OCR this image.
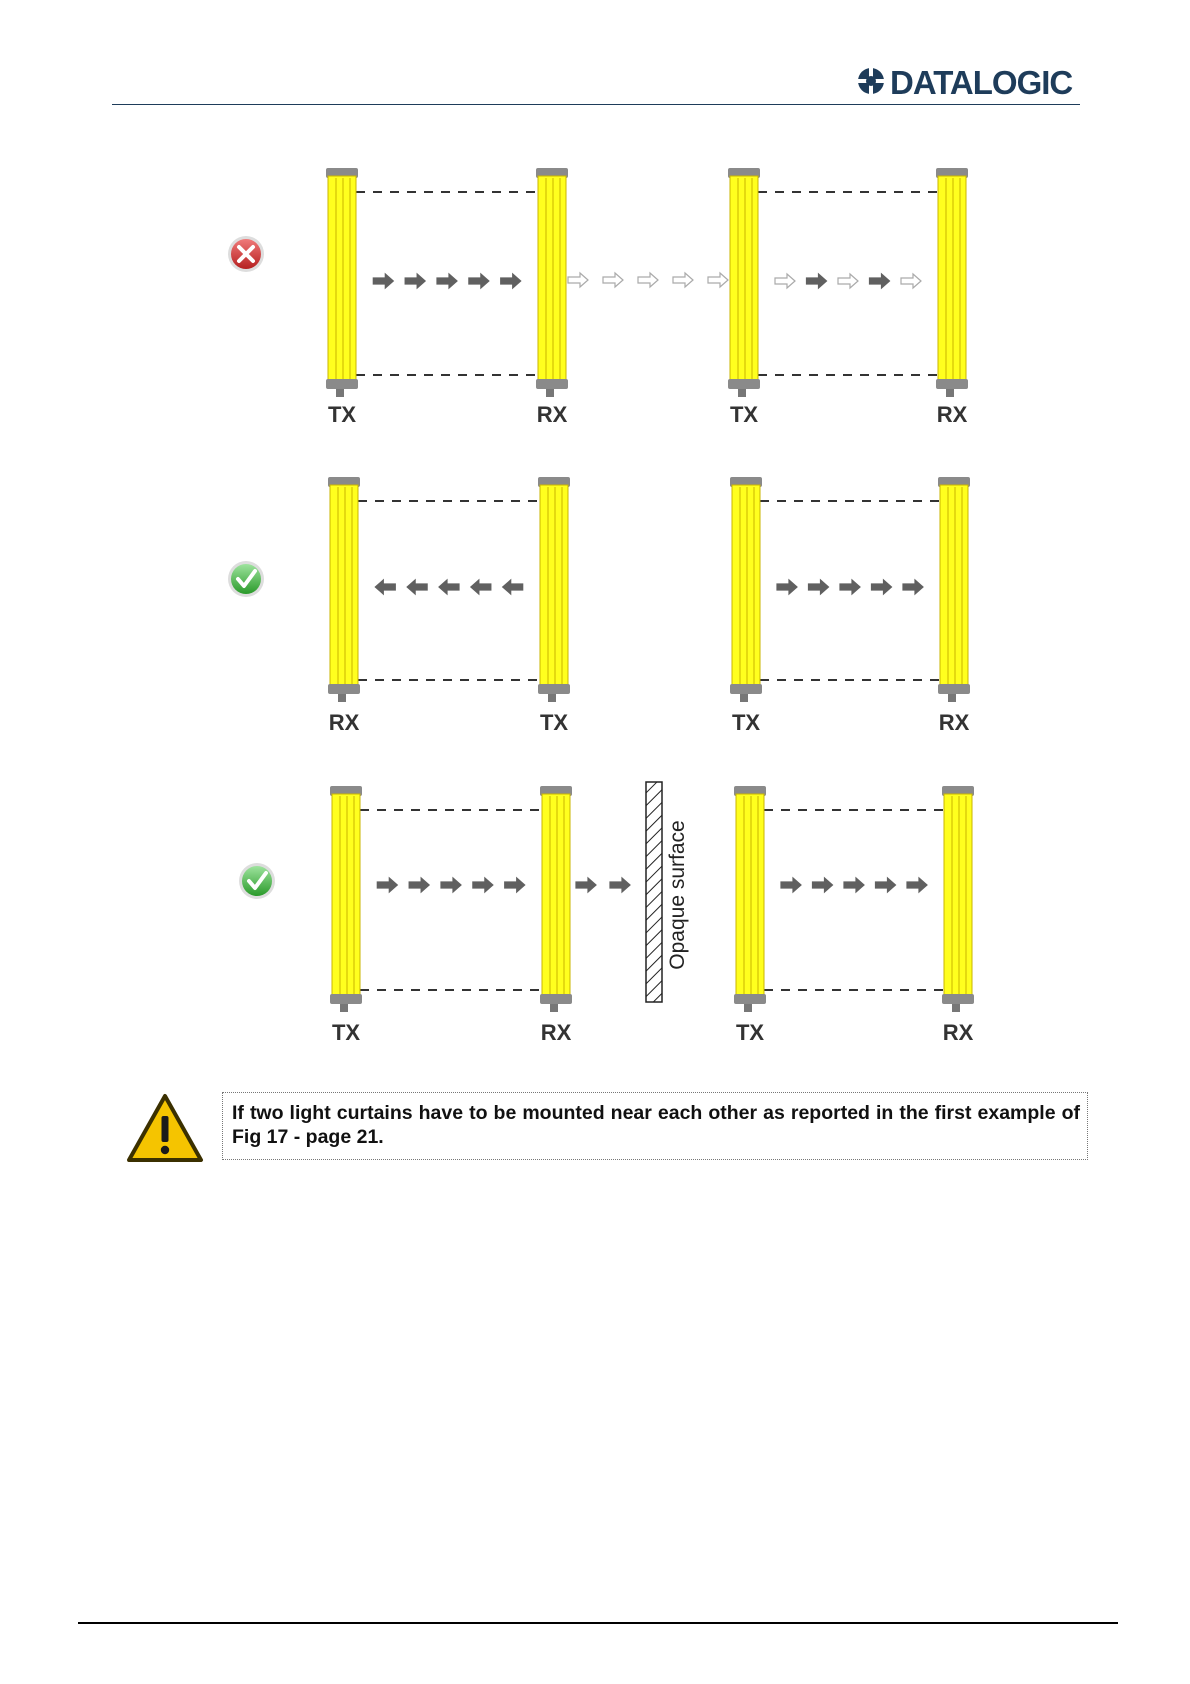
DATALOGIC
TX	RX	TX	RX
RX	TX	TX	RX
TX	RX	TX	RX
Opaque surface

If two light curtains have to be mounted near each other as reported in the first example of Fig 17 - page 21.
